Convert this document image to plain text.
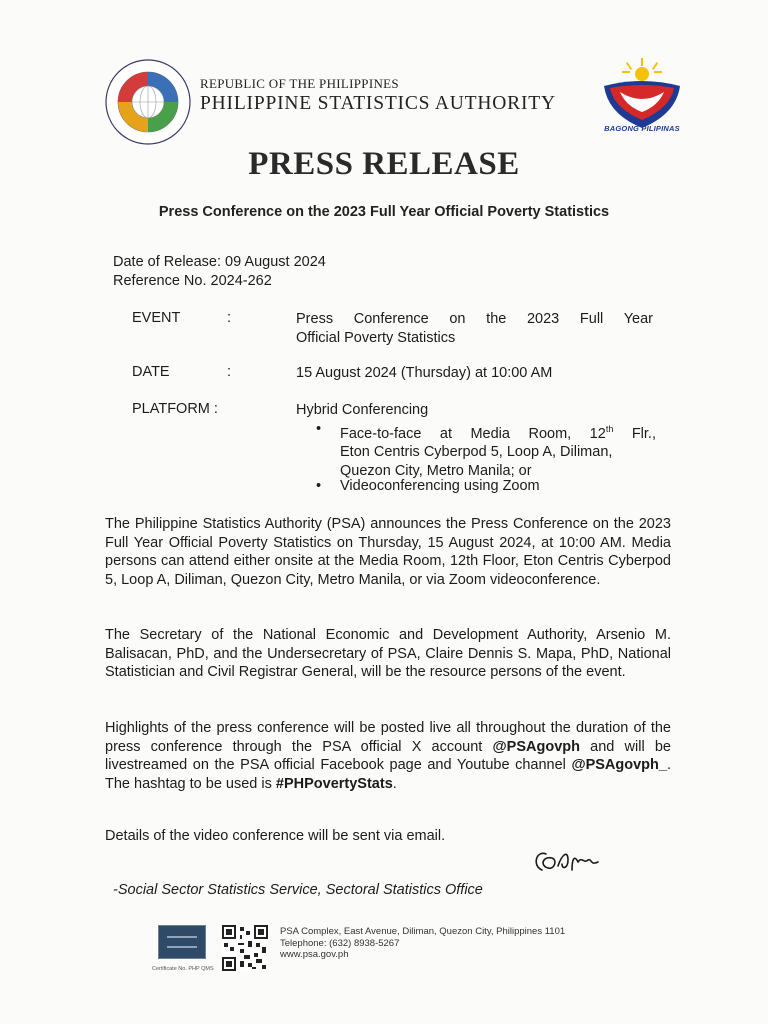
REPUBLIC OF THE PHILIPPINES
PHILIPPINE STATISTICS AUTHORITY
BAGONG PILIPINAS
PRESS RELEASE
Press Conference on the 2023 Full Year Official Poverty Statistics
Date of Release: 09 August 2024
Reference No. 2024-262
EVENT	:	Press Conference on the 2023 Full Year
Official Poverty Statistics
DATE	:	15 August 2024 (Thursday) at 10:00 AM
PLATFORM :	Hybrid Conferencing
• Face-to-face at Media Room, 12th Flr.,
Eton Centris Cyberpod 5, Loop A, Diliman,
Quezon City, Metro Manila; or
• Videoconferencing using Zoom
The Philippine Statistics Authority (PSA) announces the Press Conference on the 2023 Full Year Official Poverty Statistics on Thursday, 15 August 2024, at 10:00 AM. Media persons can attend either onsite at the Media Room, 12th Floor, Eton Centris Cyberpod 5, Loop A, Diliman, Quezon City, Metro Manila, or via Zoom videoconference.
The Secretary of the National Economic and Development Authority, Arsenio M. Balisacan, PhD, and the Undersecretary of PSA, Claire Dennis S. Mapa, PhD, National Statistician and Civil Registrar General, will be the resource persons of the event.
Highlights of the press conference will be posted live all throughout the duration of the press conference through the PSA official X account @PSAgovph and will be livestreamed on the PSA official Facebook page and Youtube channel @PSAgovph_. The hashtag to be used is #PHPovertyStats.
Details of the video conference will be sent via email.
-Social Sector Statistics Service, Sectoral Statistics Office
Certificate No. PHP QMS
PSA Complex, East Avenue, Diliman, Quezon City, Philippines 1101
Telephone: (632) 8938-5267
www.psa.gov.ph
